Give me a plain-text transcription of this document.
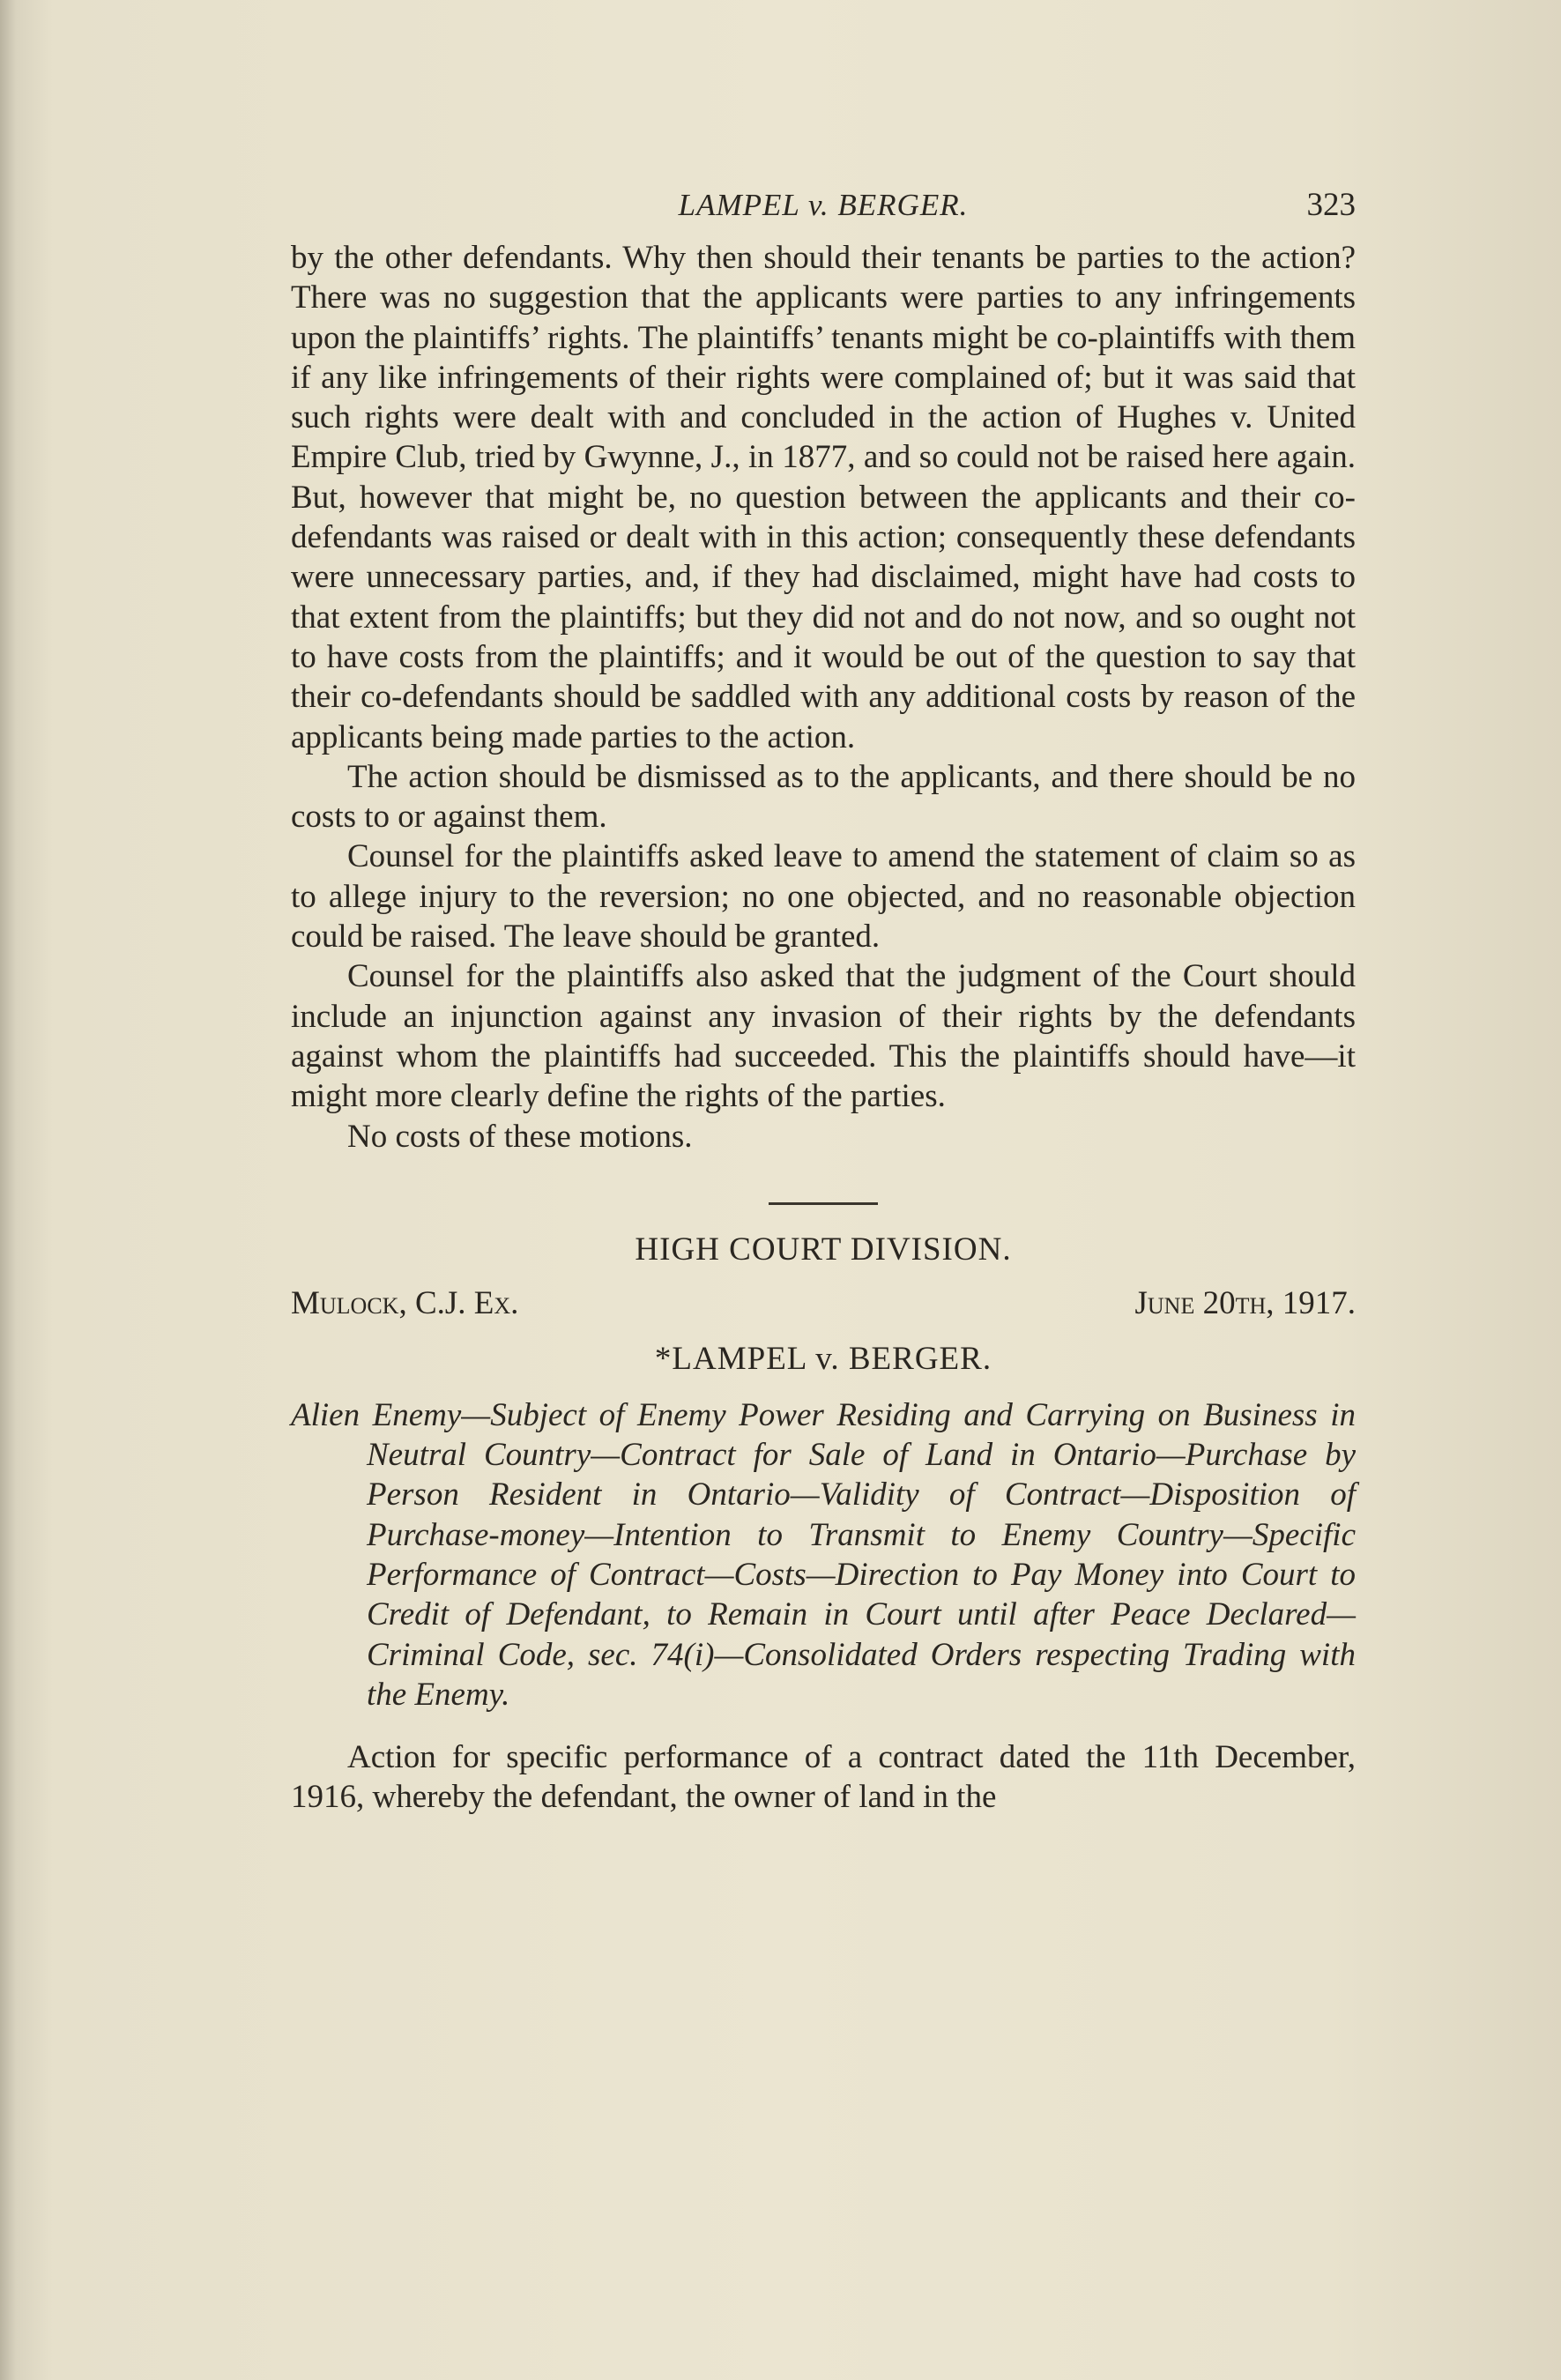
LAMPEL v. BERGER.	323

by the other defendants. Why then should their tenants be parties to the action? There was no suggestion that the applicants were parties to any infringements upon the plaintiffs’ rights. The plaintiffs’ tenants might be co-plaintiffs with them if any like infringements of their rights were complained of; but it was said that such rights were dealt with and concluded in the action of Hughes v. United Empire Club, tried by Gwynne, J., in 1877, and so could not be raised here again. But, however that might be, no question between the applicants and their co-defendants was raised or dealt with in this action; consequently these defendants were unnecessary parties, and, if they had disclaimed, might have had costs to that extent from the plaintiffs; but they did not and do not now, and so ought not to have costs from the plaintiffs; and it would be out of the question to say that their co-defendants should be saddled with any additional costs by reason of the applicants being made parties to the action.

The action should be dismissed as to the applicants, and there should be no costs to or against them.

Counsel for the plaintiffs asked leave to amend the statement of claim so as to allege injury to the reversion; no one objected, and no reasonable objection could be raised. The leave should be granted.

Counsel for the plaintiffs also asked that the judgment of the Court should include an injunction against any invasion of their rights by the defendants against whom the plaintiffs had succeeded. This the plaintiffs should have—it might more clearly define the rights of the parties.

No costs of these motions.

HIGH COURT DIVISION.
Mulock, C.J. Ex.	June 20th, 1917.
*LAMPEL v. BERGER.

Alien Enemy—Subject of Enemy Power Residing and Carrying on Business in Neutral Country—Contract for Sale of Land in Ontario—Purchase by Person Resident in Ontario—Validity of Contract—Disposition of Purchase-money—Intention to Transmit to Enemy Country—Specific Performance of Contract—Costs—Direction to Pay Money into Court to Credit of Defendant, to Remain in Court until after Peace Declared—Criminal Code, sec. 74(i)—Consolidated Orders respecting Trading with the Enemy.

Action for specific performance of a contract dated the 11th December, 1916, whereby the defendant, the owner of land in the
